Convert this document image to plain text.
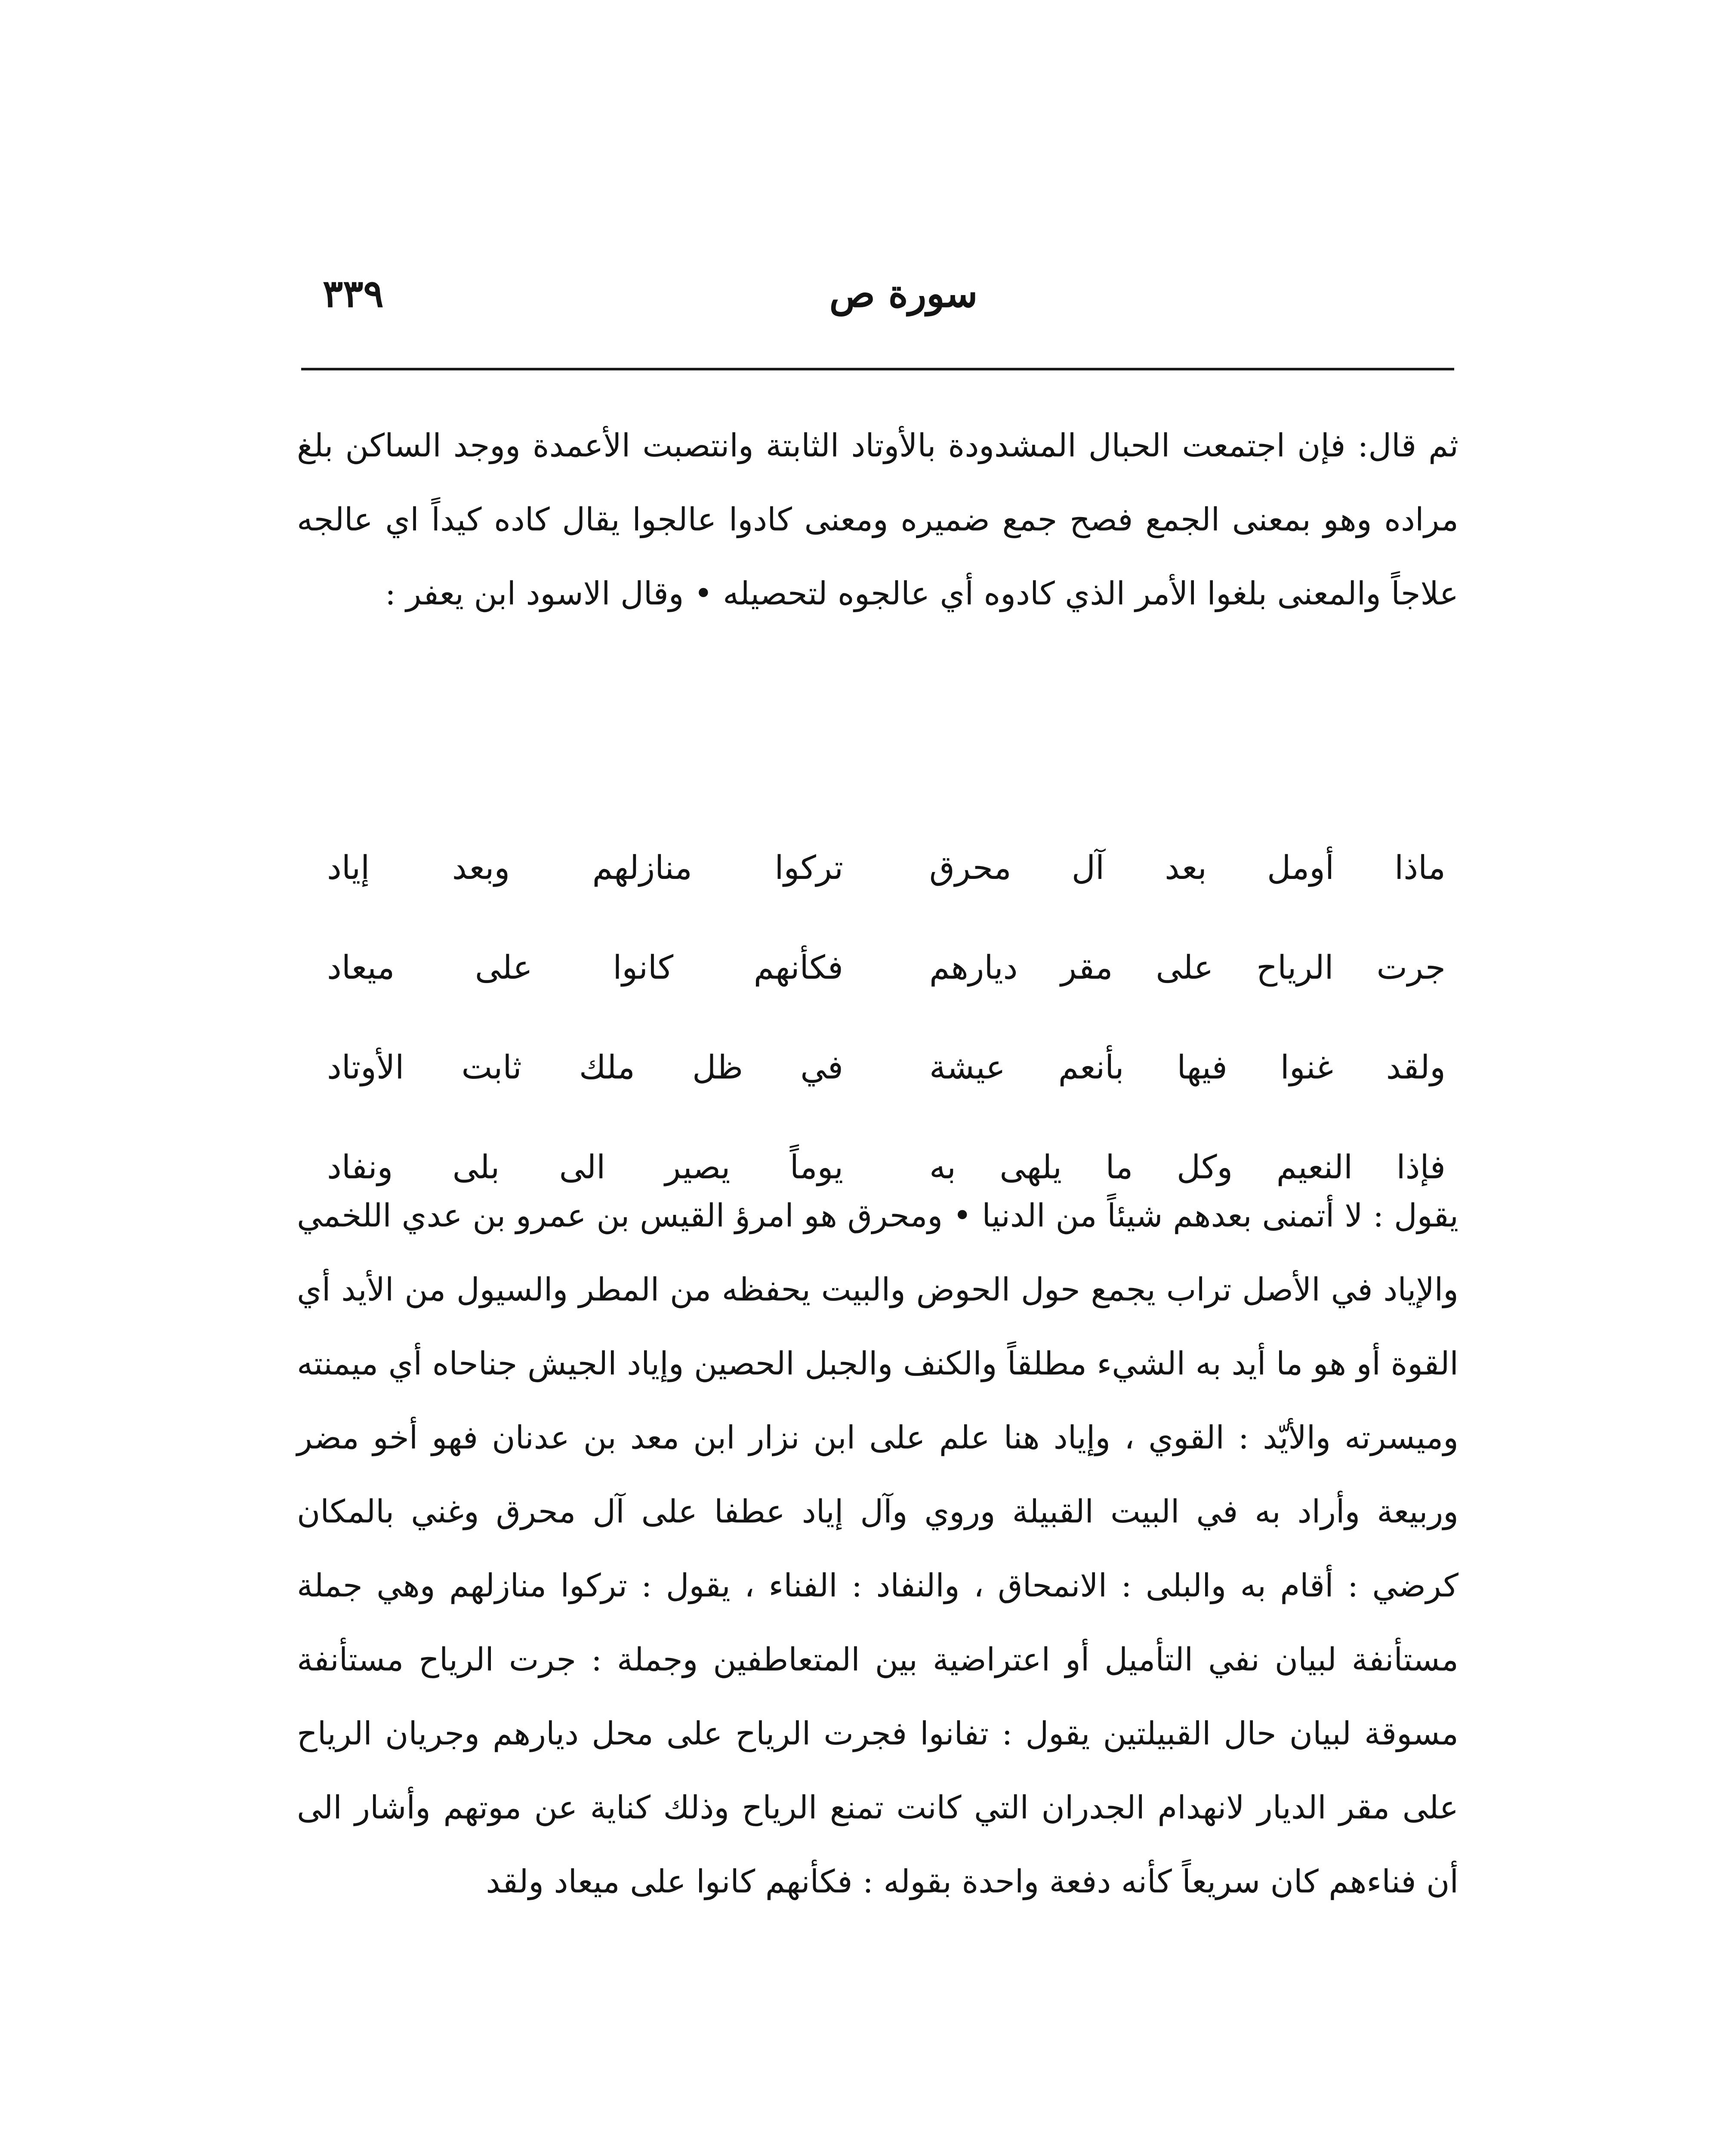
٣٣٩	سورة ص

ثم قال: فإن اجتمعت الحبال المشدودة بالأوتاد الثابتة وانتصبت الأعمدة ووجد الساكن بلغ مراده وهو بمعنى الجمع فصح جمع ضميره ومعنى كادوا عالجوا يقال كاده كيداً اي عالجه علاجاً والمعنى بلغوا الأمر الذي كادوه أي عالجوه لتحصيله • وقال الاسود ابن يعفر :

ماذا أومل بعد آل محرق
تركوا منازلهم وبعد إياد
جرت الرياح على مقر ديارهم
فكأنهم كانوا على ميعاد
ولقد غنوا فيها بأنعم عيشة
في ظل ملك ثابت الأوتاد
فإذا النعيم وكل ما يلهى به
يوماً يصير الى بلى ونفاد

يقول : لا أتمنى بعدهم شيئاً من الدنيا • ومحرق هو امرؤ القيس بن عمرو بن عدي اللخمي والإياد في الأصل تراب يجمع حول الحوض والبيت يحفظه من المطر والسيول من الأيد أي القوة أو هو ما أيد به الشيء مطلقاً والكنف والجبل الحصين وإياد الجيش جناحاه أي ميمنته وميسرته والأيّد : القوي ، وإياد هنا علم على ابن نزار ابن معد بن عدنان فهو أخو مضر وربيعة وأراد به في البيت القبيلة وروي وآل إياد عطفا على آل محرق وغني بالمكان كرضي : أقام به والبلى : الانمحاق ، والنفاد : الفناء ، يقول : تركوا منازلهم وهي جملة مستأنفة لبيان نفي التأميل أو اعتراضية بين المتعاطفين وجملة : جرت الرياح مستأنفة مسوقة لبيان حال القبيلتين يقول : تفانوا فجرت الرياح على محل ديارهم وجريان الرياح على مقر الديار لانهدام الجدران التي كانت تمنع الرياح وذلك كناية عن موتهم وأشار الى أن فناءهم كان سريعاً كأنه دفعة واحدة بقوله : فكأنهم كانوا على ميعاد ولقد
